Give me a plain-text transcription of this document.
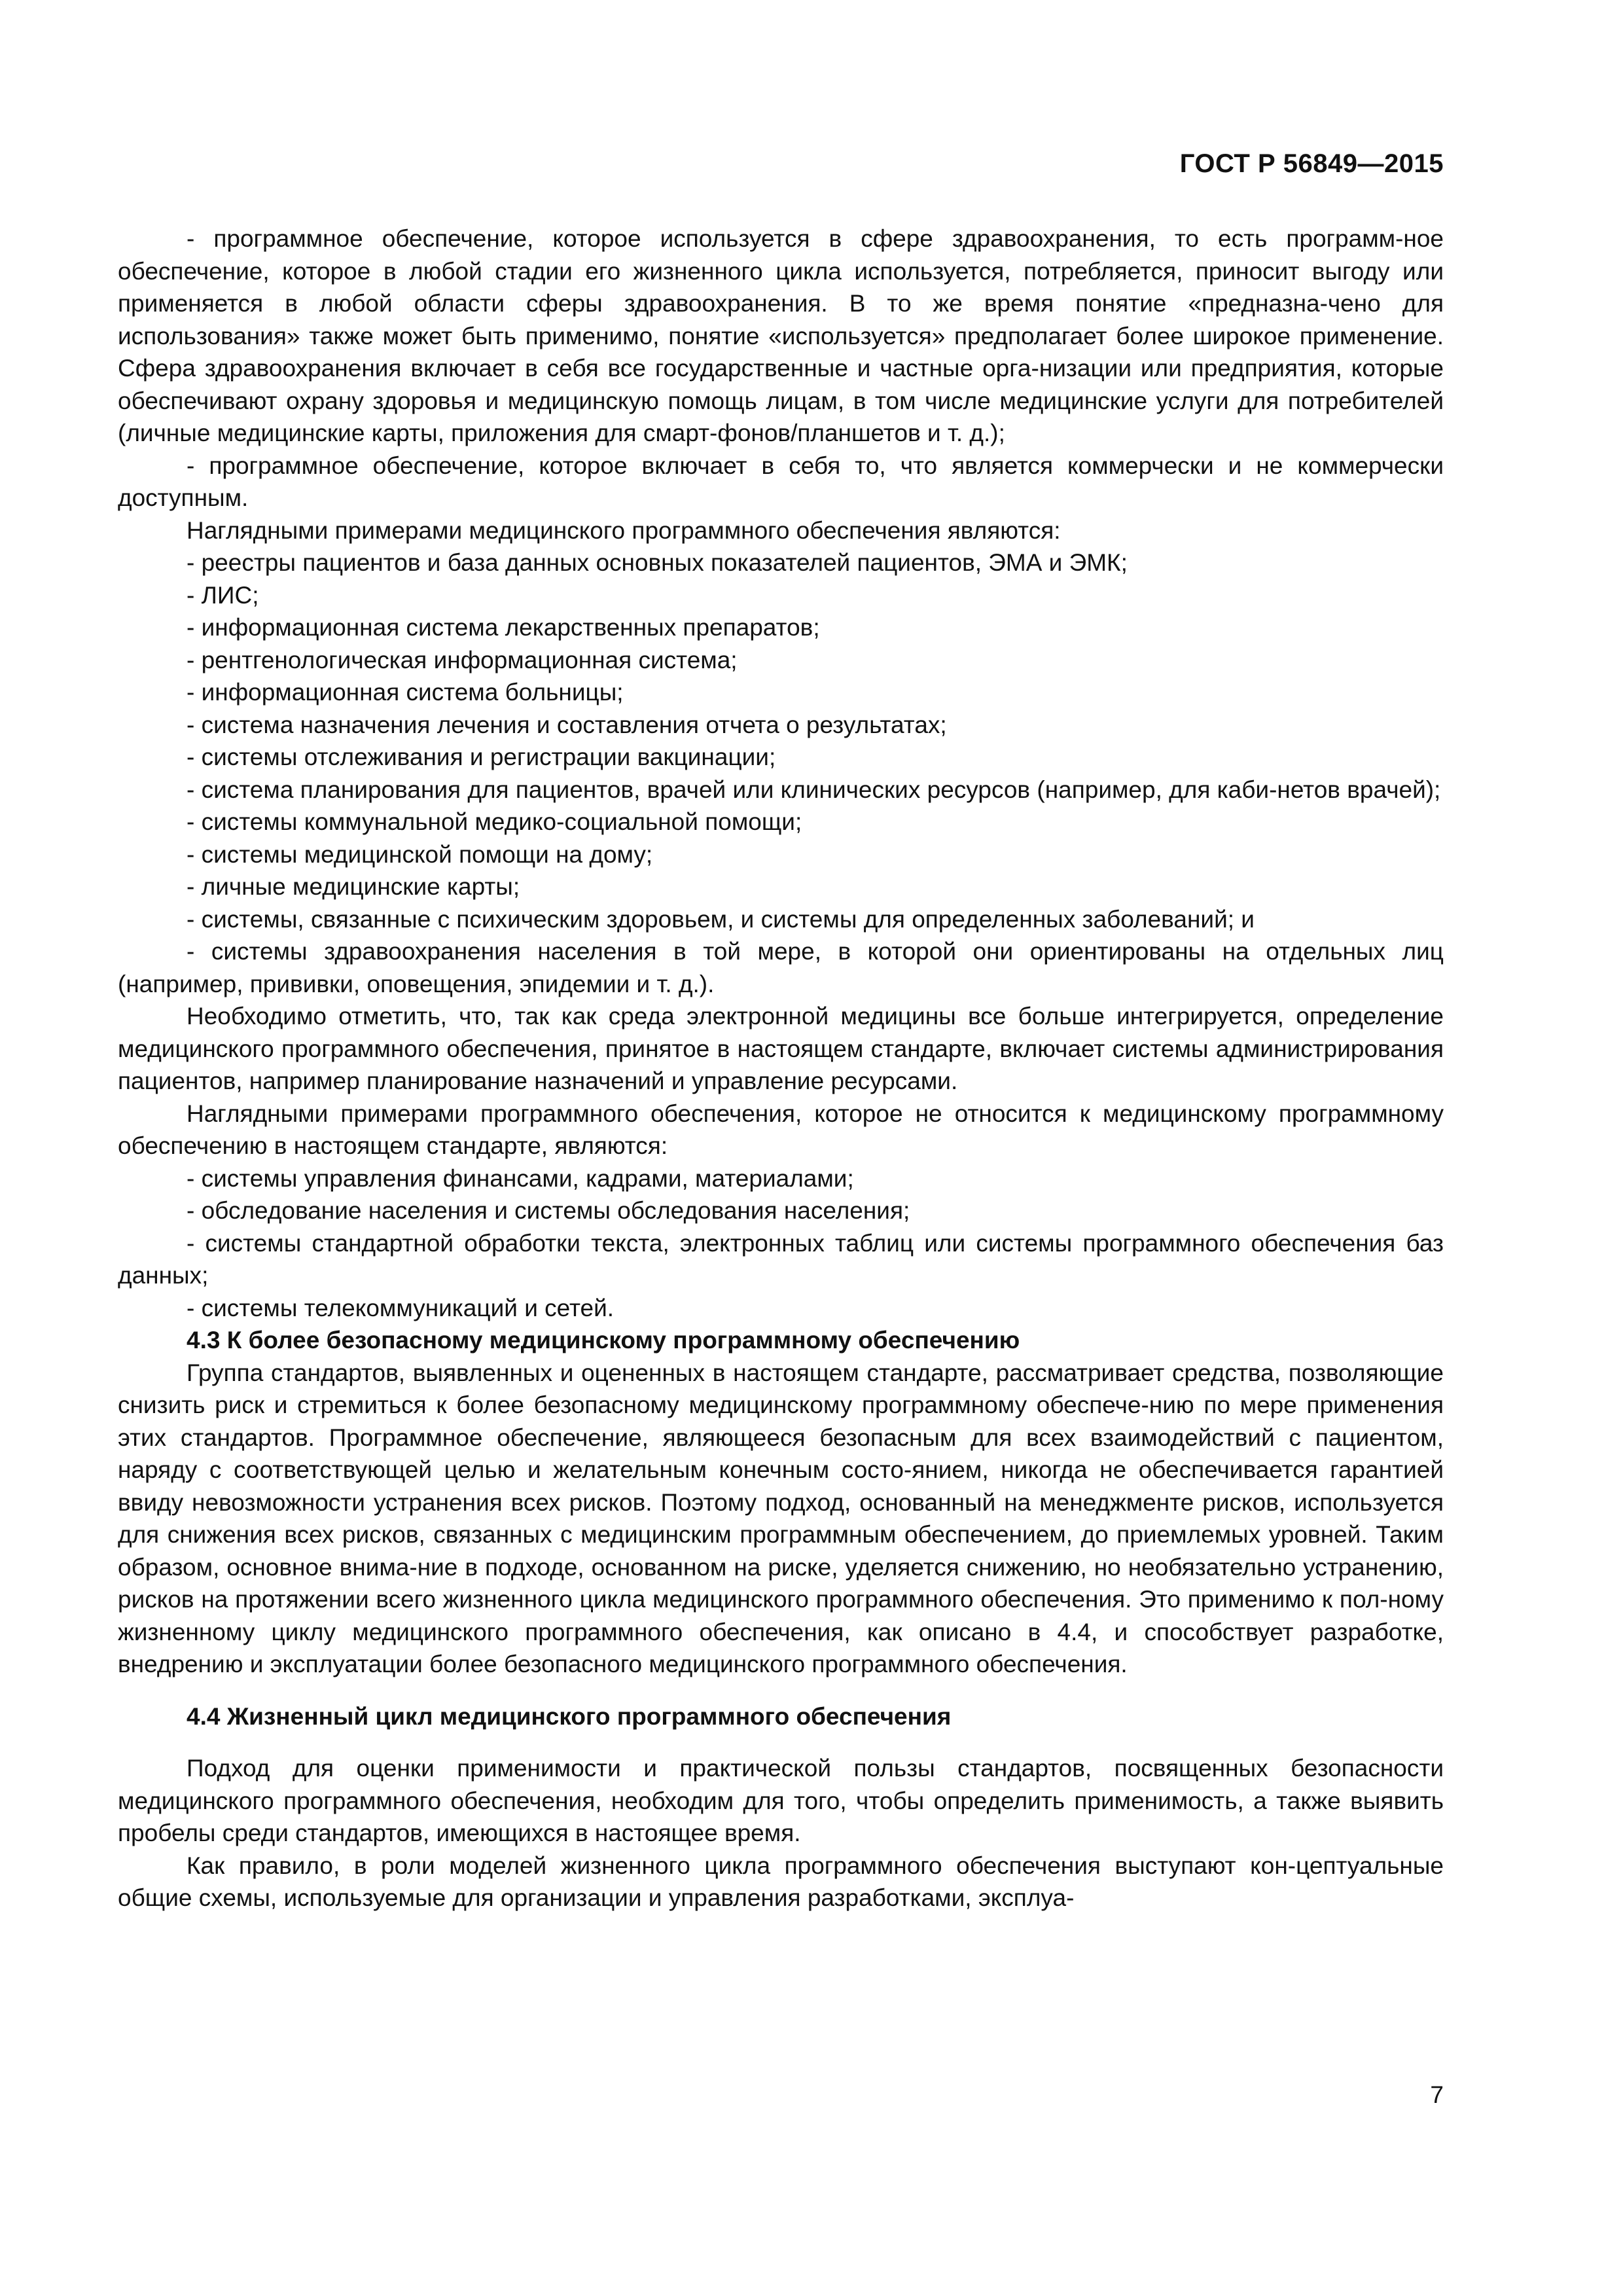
ГОСТ Р 56849—2015

- программное обеспечение, которое используется в сфере здравоохранения, то есть программ-ное обеспечение, которое в любой стадии его жизненного цикла используется, потребляется, приносит выгоду или применяется в любой области сферы здравоохранения. В то же время понятие «предназна-чено для использования» также может быть применимо, понятие «используется» предполагает более широкое применение. Сфера здравоохранения включает в себя все государственные и частные орга-низации или предприятия, которые обеспечивают охрану здоровья и медицинскую помощь лицам, в том числе медицинские услуги для потребителей (личные медицинские карты, приложения для смарт-фонов/планшетов и т. д.);

- программное обеспечение, которое включает в себя то, что является коммерчески и не коммерчески доступным.

Наглядными примерами медицинского программного обеспечения являются:

- реестры пациентов и база данных основных показателей пациентов, ЭМА и ЭМК;

- ЛИС;

- информационная система лекарственных препаратов;

- рентгенологическая информационная система;

- информационная система больницы;

- система назначения лечения и составления отчета о результатах;

- системы отслеживания и регистрации вакцинации;

- система планирования для пациентов, врачей или клинических ресурсов (например, для каби-нетов врачей);

- системы коммунальной медико-социальной помощи;

- системы медицинской помощи на дому;

- личные медицинские карты;

- системы, связанные с психическим здоровьем, и системы для определенных заболеваний; и

- системы здравоохранения населения в той мере, в которой они ориентированы на отдельных лиц (например, прививки, оповещения, эпидемии и т. д.).

Необходимо отметить, что, так как среда электронной медицины все больше интегрируется, определение медицинского программного обеспечения, принятое в настоящем стандарте, включает системы администрирования пациентов, например планирование назначений и управление ресурсами.

Наглядными примерами программного обеспечения, которое не относится к медицинскому программному обеспечению в настоящем стандарте, являются:

- системы управления финансами, кадрами, материалами;

- обследование населения и системы обследования населения;

- системы стандартной обработки текста, электронных таблиц или системы программного обеспечения баз данных;

- системы телекоммуникаций и сетей.

4.3 К более безопасному медицинскому программному обеспечению

Группа стандартов, выявленных и оцененных в настоящем стандарте, рассматривает средства, позволяющие снизить риск и стремиться к более безопасному медицинскому программному обеспече-нию по мере применения этих стандартов. Программное обеспечение, являющееся безопасным для всех взаимодействий с пациентом, наряду с соответствующей целью и желательным конечным состо-янием, никогда не обеспечивается гарантией ввиду невозможности устранения всех рисков. Поэтому подход, основанный на менеджменте рисков, используется для снижения всех рисков, связанных с медицинским программным обеспечением, до приемлемых уровней. Таким образом, основное внима-ние в подходе, основанном на риске, уделяется снижению, но необязательно устранению, рисков на протяжении всего жизненного цикла медицинского программного обеспечения. Это применимо к пол-ному жизненному циклу медицинского программного обеспечения, как описано в 4.4, и способствует разработке, внедрению и эксплуатации более безопасного медицинского программного обеспечения.

4.4 Жизненный цикл медицинского программного обеспечения

Подход для оценки применимости и практической пользы стандартов, посвященных безопасности медицинского программного обеспечения, необходим для того, чтобы определить применимость, а также выявить пробелы среди стандартов, имеющихся в настоящее время.

Как правило, в роли моделей жизненного цикла программного обеспечения выступают кон-цептуальные общие схемы, используемые для организации и управления разработками, эксплуа-

7
